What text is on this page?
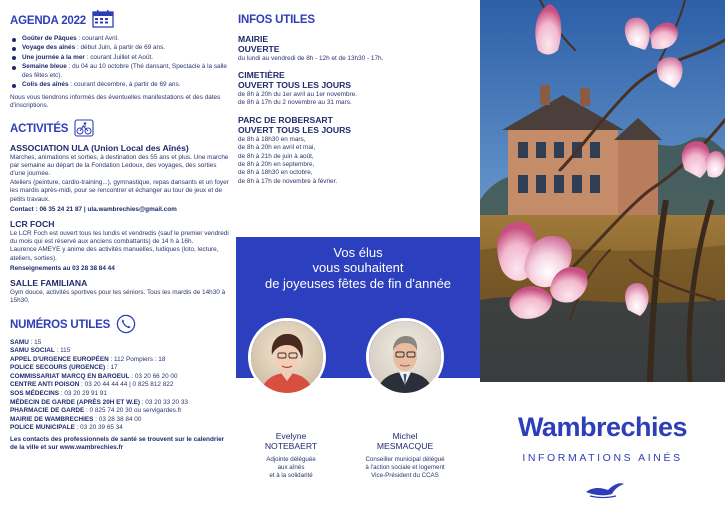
AGENDA 2022
Goûter de Pâques : courant Avril.
Voyage des aînés : début Juin, à partir de 69 ans.
Une journée à la mer : courant Juillet et Août.
Semaine bleue : du 04 au 10 octobre (Thé dansant, Spectacle à la salle des fêtes etc).
Colis des aînés : courant décembre, à partir de 69 ans.

Nous vous tiendrons informés des éventuelles manifestations et des dates d'inscriptions.

ACTIVITÉS
ASSOCIATION ULA (Union Local des Aînés)

Marches, animations et sorties, à destination des 55 ans et plus. Une marche par semaine au départ de la Fondation Ledoux, des voyages, des sorties d'une journée.

Ateliers (peinture, cardio-training...), gymnastique, repas dansants et un foyer les mardis après-midi, pour se rencontrer et échanger au tour de jeux et de petits travaux.

Contact : 06 35 24 21 87 | ula.wambrechies@gmail.com

LCR FOCH

Le LCR Foch est ouvert tous les lundis et vendredis (sauf le premier vendredi du mois qui est réservé aux anciens combattants) de 14 h à 16h.

Laurence AMEYE y anime des activités manuelles, ludiques (loto, lecture, ateliers, sorties).

Renseignements au 03 28 38 84 44

SALLE FAMILIANA

Gym douce, activités sportives pour les séniors. Tous les mardis de 14h30 à 15h30.

NUMÉROS UTILES
SAMU : 15
SAMU SOCIAL : 115
APPEL D'URGENCE EUROPÉEN : 112 Pompiers : 18
POLICE SECOURS (URGENCE) : 17
COMMISSARIAT MARCQ EN BAROEUL : 03 20 66 20 00
CENTRE ANTI POISON : 03 20 44 44 44 | 0 825 812 822
SOS MÉDECINS : 03 20 29 91 91
MÉDECIN DE GARDE (APRÈS 20H ET W.E) : 03 20 33 20 33
PHARMACIE DE GARDE : 0 825 74 20 30 ou servigardes.fr
MAIRIE DE WAMBRECHIES : 03 28 38 84 00
POLICE MUNICIPALE : 03 20 39 65 34

Les contacts des professionnels de santé se trouvent sur le calendrier de la ville et sur www.wambrechies.fr

INFOS UTILES
MAIRIE
OUVERTE

du lundi au vendredi de 8h - 12h et de 13h30 - 17h.

CIMETIÈRE
OUVERT TOUS LES JOURS

de 8h à 20h du 1er avril au 1er novembre.

de 8h à 17h du 2 novembre au 31 mars.

PARC DE ROBERSART
OUVERT TOUS LES JOURS

de 8h à 18h30 en mars,

de 8h à 20h en avril et mai,

de 8h à 21h de juin à août,

de 8h à 20h en septembre,

de 8h à 18h30 en octobre,

de 8h à 17h de novembre à février.

Vos élus
vous souhaitent
de joyeuses fêtes de fin d'année
Evelyne
NOTEBAERT
Adjointe déléguée
aux aînés
et à la solidarité
Michel
MESMACQUE
Conseiller municipal délégué
à l'action sociale et logement
Vice-Président du CCAS
Wambrechies
INFORMATIONS AINÉS
